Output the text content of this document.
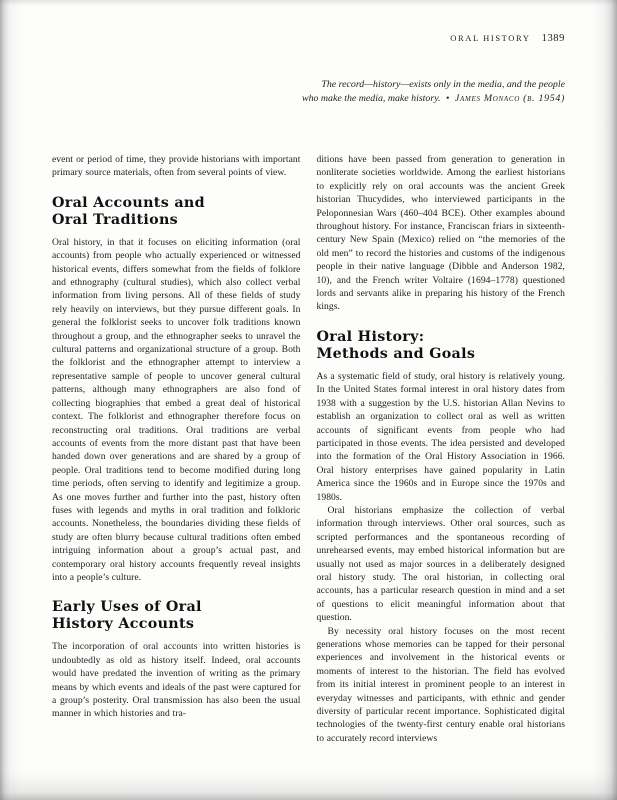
ORAL HISTORY 1389
The record—history—exists only in the media, and the people
who make the media, make history. • James Monaco (b. 1954)

event or period of time, they provide historians with important primary source materials, often from several points of view.

Oral Accounts and
Oral Traditions

Oral history, in that it focuses on eliciting information (oral accounts) from people who actually experienced or witnessed historical events, differs somewhat from the fields of folklore and ethnography (cultural studies), which also collect verbal information from living persons. All of these fields of study rely heavily on interviews, but they pursue different goals. In general the folklorist seeks to uncover folk traditions known throughout a group, and the ethnographer seeks to unravel the cultural patterns and organizational structure of a group. Both the folklorist and the ethnographer attempt to interview a representative sample of people to uncover general cultural patterns, although many ethnographers are also fond of collecting biographies that embed a great deal of historical context. The folklorist and ethnographer therefore focus on reconstructing oral traditions. Oral traditions are verbal accounts of events from the more distant past that have been handed down over generations and are shared by a group of people. Oral traditions tend to become modified during long time periods, often serving to identify and legitimize a group. As one moves further and further into the past, history often fuses with legends and myths in oral tradition and folkloric accounts. Nonetheless, the boundaries dividing these fields of study are often blurry because cultural traditions often embed intriguing information about a group’s actual past, and contemporary oral history accounts frequently reveal insights into a people’s culture.

Early Uses of Oral
History Accounts

The incorporation of oral accounts into written histories is undoubtedly as old as history itself. Indeed, oral accounts would have predated the invention of writing as the primary means by which events and ideals of the past were captured for a group’s posterity. Oral transmission has also been the usual manner in which histories and tra-

ditions have been passed from generation to generation in nonliterate societies worldwide. Among the earliest historians to explicitly rely on oral accounts was the ancient Greek historian Thucydides, who interviewed participants in the Peloponnesian Wars (460–404 BCE). Other examples abound throughout history. For instance, Franciscan friars in sixteenth-century New Spain (Mexico) relied on “the memories of the old men” to record the histories and customs of the indigenous people in their native language (Dibble and Anderson 1982, 10), and the French writer Voltaire (1694–1778) questioned lords and servants alike in preparing his history of the French kings.

Oral History:
Methods and Goals

As a systematic field of study, oral history is relatively young. In the United States formal interest in oral history dates from 1938 with a suggestion by the U.S. historian Allan Nevins to establish an organization to collect oral as well as written accounts of significant events from people who had participated in those events. The idea persisted and developed into the formation of the Oral History Association in 1966. Oral history enterprises have gained popularity in Latin America since the 1960s and in Europe since the 1970s and 1980s.

Oral historians emphasize the collection of verbal information through interviews. Other oral sources, such as scripted performances and the spontaneous recording of unrehearsed events, may embed historical information but are usually not used as major sources in a deliberately designed oral history study. The oral historian, in collecting oral accounts, has a particular research question in mind and a set of questions to elicit meaningful information about that question.

By necessity oral history focuses on the most recent generations whose memories can be tapped for their personal experiences and involvement in the historical events or moments of interest to the historian. The field has evolved from its initial interest in prominent people to an interest in everyday witnesses and participants, with ethnic and gender diversity of particular recent importance. Sophisticated digital technologies of the twenty-first century enable oral historians to accurately record interviews
